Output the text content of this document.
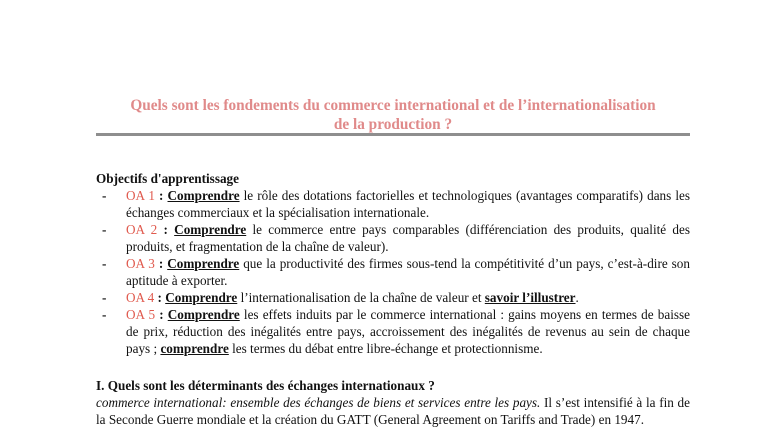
Quels sont les fondements du commerce international et de l’internationalisation
de la production ?
Objectifs d'apprentissage
- OA 1 : Comprendre le rôle des dotations factorielles et technologiques (avantages comparatifs) dans les échanges commerciaux et la spécialisation internationale.
- OA 2 : Comprendre le commerce entre pays comparables (différenciation des produits, qualité des produits, et fragmentation de la chaîne de valeur).
- OA 3 : Comprendre que la productivité des firmes sous-tend la compétitivité d’un pays, c’est-à-dire son aptitude à exporter.
- OA 4 : Comprendre l’internationalisation de la chaîne de valeur et savoir l’illustrer.
- OA 5 : Comprendre les effets induits par le commerce international : gains moyens en termes de baisse de prix, réduction des inégalités entre pays, accroissement des inégalités de revenus au sein de chaque pays ; comprendre les termes du débat entre libre-échange et protectionnisme.
I. Quels sont les déterminants des échanges internationaux ?
commerce international: ensemble des échanges de biens et services entre les pays. Il s’est intensifié à la fin de la Seconde Guerre mondiale et la création du GATT (General Agreement on Tariffs and Trade) en 1947.
